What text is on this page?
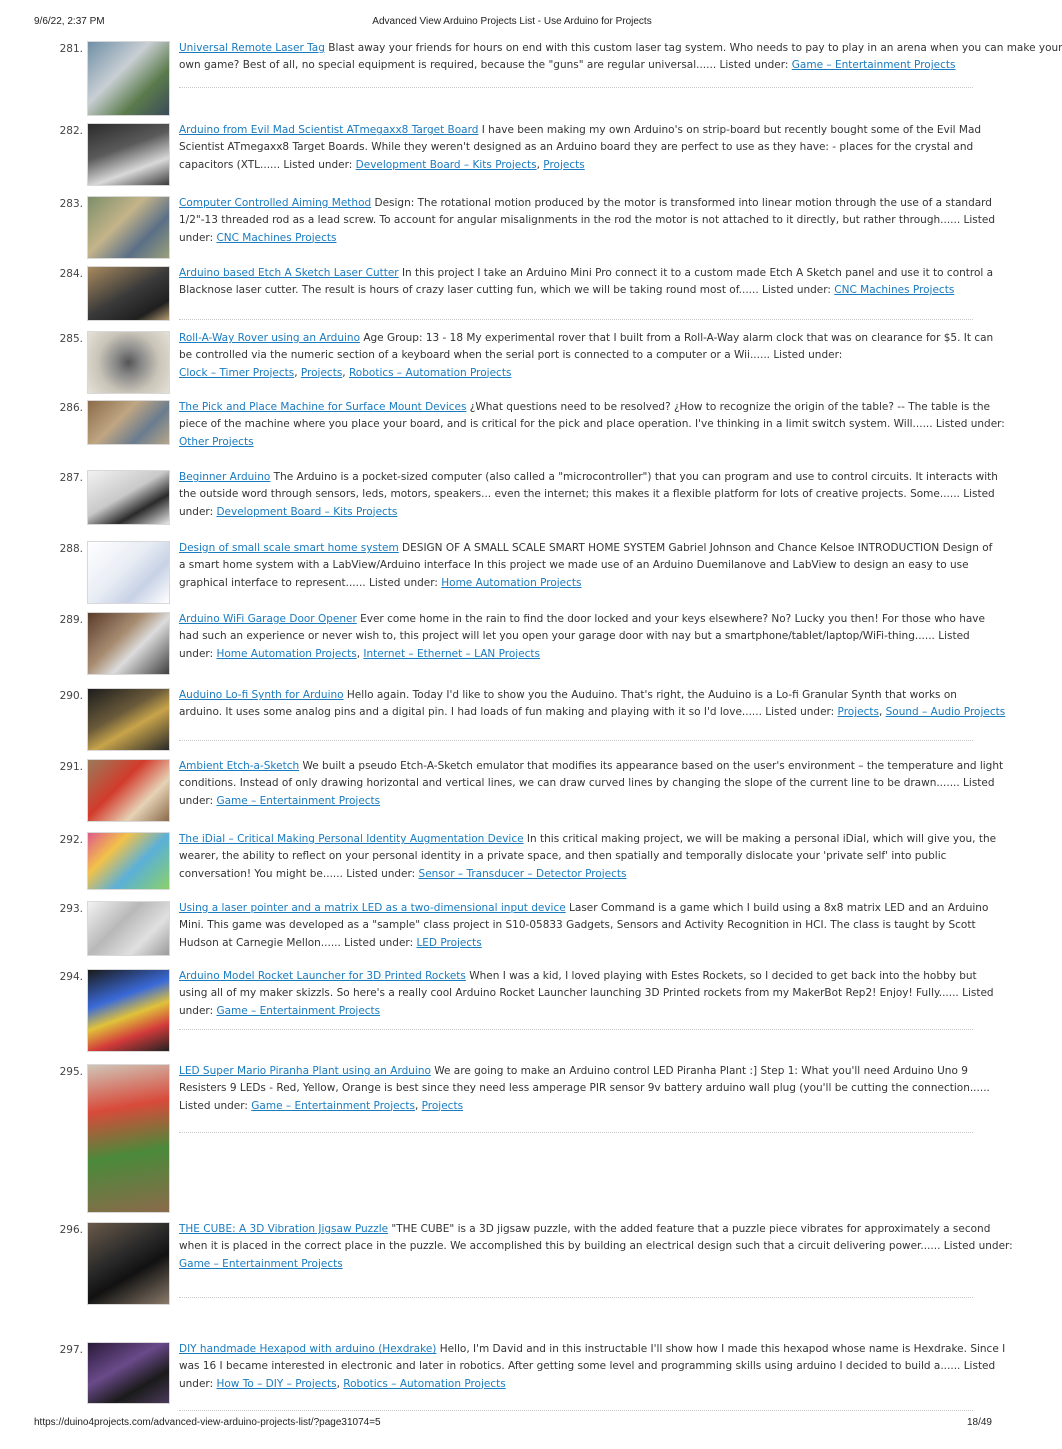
9/6/22, 2:37 PM	Advanced View Arduino Projects List - Use Arduino for Projects
281.	Universal Remote Laser Tag Blast away your friends for hours on end with this custom laser tag system. Who needs to pay to play in an arena when you can make your
own game? Best of all, no special equipment is required, because the "guns" are regular universal...... Listed under: Game – Entertainment Projects
282.	Arduino from Evil Mad Scientist ATmegaxx8 Target Board I have been making my own Arduino's on strip-board but recently bought some of the Evil Mad
Scientist ATmegaxx8 Target Boards. While they weren't designed as an Arduino board they are perfect to use as they have: - places for the crystal and
capacitors (XTL...... Listed under: Development Board – Kits Projects, Projects
283.	Computer Controlled Aiming Method Design: The rotational motion produced by the motor is transformed into linear motion through the use of a standard
1/2"-13 threaded rod as a lead screw. To account for angular misalignments in the rod the motor is not attached to it directly, but rather through...... Listed
under: CNC Machines Projects
284.	Arduino based Etch A Sketch Laser Cutter In this project I take an Arduino Mini Pro connect it to a custom made Etch A Sketch panel and use it to control a
Blacknose laser cutter. The result is hours of crazy laser cutting fun, which we will be taking round most of...... Listed under: CNC Machines Projects
285.	Roll-A-Way Rover using an Arduino Age Group: 13 - 18 My experimental rover that I built from a Roll-A-Way alarm clock that was on clearance for $5. It can
be controlled via the numeric section of a keyboard when the serial port is connected to a computer or a Wii...... Listed under:
Clock – Timer Projects, Projects, Robotics – Automation Projects
286.	The Pick and Place Machine for Surface Mount Devices ¿What questions need to be resolved? ¿How to recognize the origin of the table? -- The table is the
piece of the machine where you place your board, and is critical for the pick and place operation. I've thinking in a limit switch system. Will...... Listed under:
Other Projects
287.	Beginner Arduino The Arduino is a pocket-sized computer (also called a "microcontroller") that you can program and use to control circuits. It interacts with
the outside word through sensors, leds, motors, speakers... even the internet; this makes it a flexible platform for lots of creative projects. Some...... Listed
under: Development Board – Kits Projects
288.	Design of small scale smart home system DESIGN OF A SMALL SCALE SMART HOME SYSTEM Gabriel Johnson and Chance Kelsoe INTRODUCTION Design of
a smart home system with a LabView/Arduino interface In this project we made use of an Arduino Duemilanove and LabView to design an easy to use
graphical interface to represent...... Listed under: Home Automation Projects
289.	Arduino WiFi Garage Door Opener Ever come home in the rain to find the door locked and your keys elsewhere? No? Lucky you then! For those who have
had such an experience or never wish to, this project will let you open your garage door with nay but a smartphone/tablet/laptop/WiFi-thing...... Listed
under: Home Automation Projects, Internet – Ethernet – LAN Projects
290.	Auduino Lo-fi Synth for Arduino Hello again. Today I'd like to show you the Auduino. That's right, the Auduino is a Lo-fi Granular Synth that works on
arduino. It uses some analog pins and a digital pin. I had loads of fun making and playing with it so I'd love...... Listed under: Projects, Sound – Audio Projects
291.	Ambient Etch-a-Sketch We built a pseudo Etch-A-Sketch emulator that modifies its appearance based on the user's environment – the temperature and light
conditions. Instead of only drawing horizontal and vertical lines, we can draw curved lines by changing the slope of the current line to be drawn....... Listed
under: Game – Entertainment Projects
292.	The iDial – Critical Making Personal Identity Augmentation Device In this critical making project, we will be making a personal iDial, which will give you, the
wearer, the ability to reflect on your personal identity in a private space, and then spatially and temporally dislocate your 'private self' into public
conversation! You might be...... Listed under: Sensor – Transducer – Detector Projects
293.	Using a laser pointer and a matrix LED as a two-dimensional input device Laser Command is a game which I build using a 8x8 matrix LED and an Arduino
Mini. This game was developed as a "sample" class project in S10-05833 Gadgets, Sensors and Activity Recognition in HCI. The class is taught by Scott
Hudson at Carnegie Mellon...... Listed under: LED Projects
294.	Arduino Model Rocket Launcher for 3D Printed Rockets When I was a kid, I loved playing with Estes Rockets, so I decided to get back into the hobby but
using all of my maker skizzls. So here's a really cool Arduino Rocket Launcher launching 3D Printed rockets from my MakerBot Rep2! Enjoy! Fully...... Listed
under: Game – Entertainment Projects
295.	LED Super Mario Piranha Plant using an Arduino We are going to make an Arduino control LED Piranha Plant :] Step 1: What you'll need Arduino Uno 9
Resisters 9 LEDs - Red, Yellow, Orange is best since they need less amperage PIR sensor 9v battery arduino wall plug (you'll be cutting the connection......
Listed under: Game – Entertainment Projects, Projects
296.	THE CUBE: A 3D Vibration Jigsaw Puzzle "THE CUBE" is a 3D jigsaw puzzle, with the added feature that a puzzle piece vibrates for approximately a second
when it is placed in the correct place in the puzzle. We accomplished this by building an electrical design such that a circuit delivering power...... Listed under:
Game – Entertainment Projects
297.	DIY handmade Hexapod with arduino (Hexdrake) Hello, I'm David and in this instructable I'll show how I made this hexapod whose name is Hexdrake. Since I
was 16 I became interested in electronic and later in robotics. After getting some level and programming skills using arduino I decided to build a...... Listed
under: How To – DIY – Projects, Robotics – Automation Projects
https://duino4projects.com/advanced-view-arduino-projects-list/?page31074=5	18/49
